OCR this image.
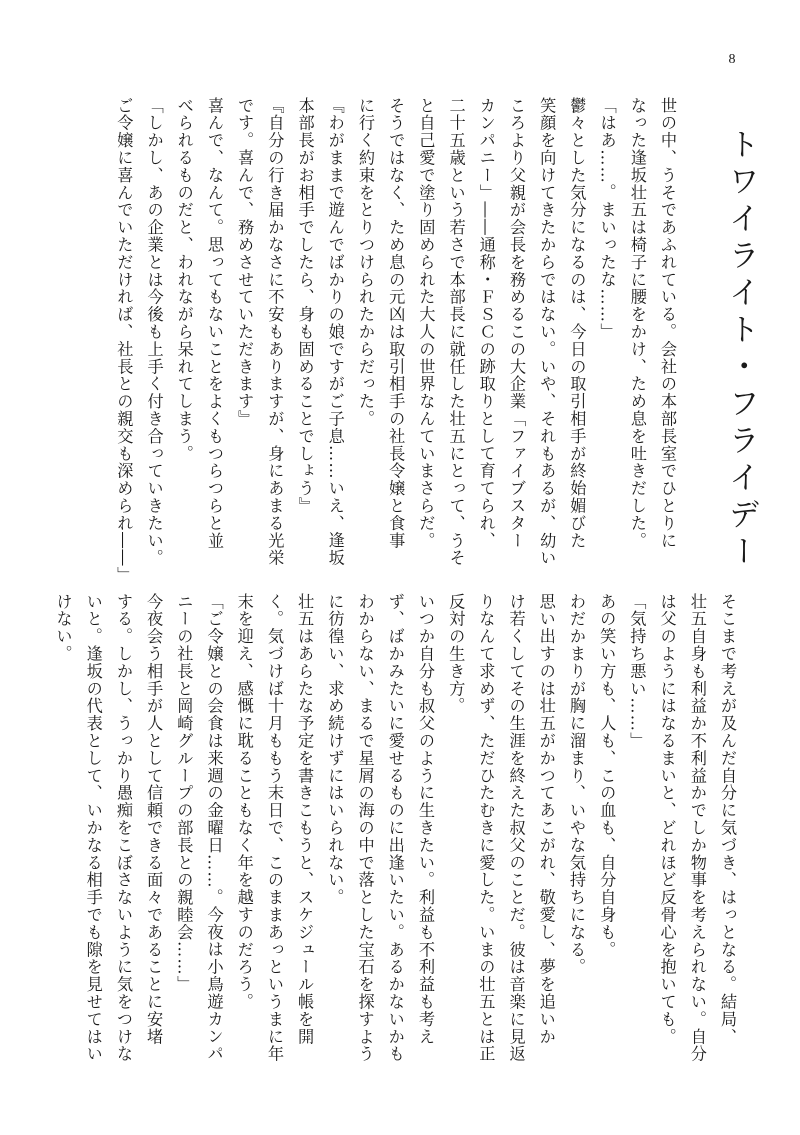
8
トワイライト・フライデー

世の中、うそであふれている。会社の本部長室でひとりに

なった逢坂壮五は椅子に腰をかけ、ため息を吐きだした。

「はあ……。まいったな……」

鬱々とした気分になるのは、今日の取引相手が終始媚びた

笑顔を向けてきたからではない。いや、それもあるが、幼い

ころより父親が会長を務めるこの大企業「ファイブスター

カンパニー」――通称・ＦＳＣの跡取りとして育てられ、

二十五歳という若さで本部長に就任した壮五にとって、うそ

と自己愛で塗り固められた大人の世界なんていまさらだ。

そうではなく、ため息の元凶は取引相手の社長令嬢と食事

に行く約束をとりつけられたからだった。

『わがままで遊んでばかりの娘ですがご子息……いえ、逢坂

本部長がお相手でしたら、身も固めることでしょう』

『自分の行き届かなさに不安もありますが、身にあまる光栄

です。喜んで、務めさせていただきます』

喜んで、なんて。思ってもないことをよくもつらつらと並

べられるものだと、われながら呆れてしまう。

「しかし、あの企業とは今後も上手く付き合っていきたい。

ご令嬢に喜んでいただければ、社長との親交も深められ――」

そこまで考えが及んだ自分に気づき、はっとなる。結局、

壮五自身も利益か不利益かでしか物事を考えられない。自分

は父のようにはなるまいと、どれほど反骨心を抱いても。

「気持ち悪い……」

あの笑い方も、人も、この血も、自分自身も。

わだかまりが胸に溜まり、いやな気持ちになる。

思い出すのは壮五がかつてあこがれ、敬愛し、夢を追いか

け若くしてその生涯を終えた叔父のことだ。彼は音楽に見返

りなんて求めず、ただひたむきに愛した。いまの壮五とは正

反対の生き方。

いつか自分も叔父のように生きたい。利益も不利益も考え

ず、ばかみたいに愛せるものに出逢いたい。あるかないかも

わからない、まるで星屑の海の中で落とした宝石を探すよう

に彷徨い、求め続けずにはいられない。

壮五はあらたな予定を書きこもうと、スケジュール帳を開

く。気づけば十月ももう末日で、このままあっというまに年

末を迎え、感慨に耽ることもなく年を越すのだろう。

「ご令嬢との会食は来週の金曜日……。今夜は小鳥遊カンパ

ニーの社長と岡崎グループの部長との親睦会……」

今夜会う相手が人として信頼できる面々であることに安堵

する。しかし、うっかり愚痴をこぼさないように気をつけな

いと。逢坂の代表として、いかなる相手でも隙を見せてはい

けない。
